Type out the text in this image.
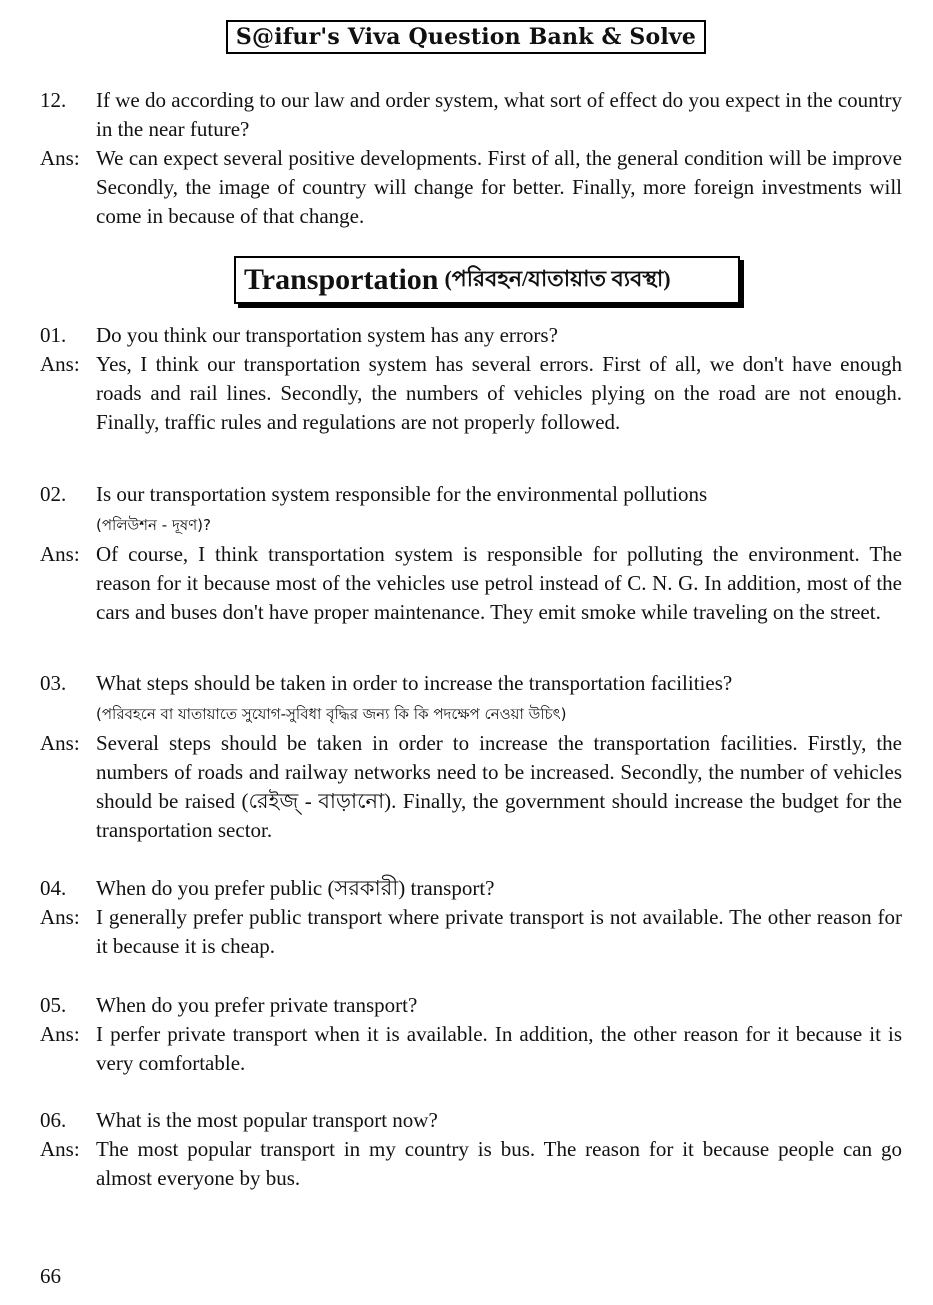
S@ifur's Viva Question Bank & Solve
12.	If we do according to our law and order system, what sort of effect do you expect in the country in the near future?
Ans: We can expect several positive developments. First of all, the general condition will be improve Secondly, the image of country will change for better. Finally, more foreign investments will come in because of that change.
Transportation (পরিবহন/যাতায়াত ব্যবস্থা)
01.	Do you think our transportation system has any errors?
Ans: Yes, I think our transportation system has several errors. First of all, we don't have enough roads and rail lines. Secondly, the numbers of vehicles plying on the road are not enough. Finally, traffic rules and regulations are not properly followed.
02.	Is our transportation system responsible for the environmental pollutions
(পলিউশন - দূষণ)?
Ans: Of course, I think transportation system is responsible for polluting the environment. The reason for it because most of the vehicles use petrol instead of C. N. G. In addition, most of the cars and buses don't have proper maintenance. They emit smoke while traveling on the street.
03.	What steps should be taken in order to increase the transportation facilities?
(পরিবহনে বা যাতায়াতে সুযোগ-সুবিধা বৃদ্ধির জন্য কি কি পদক্ষেপ নেওয়া উচিৎ)
Ans: Several steps should be taken in order to increase the transportation facilities. Firstly, the numbers of roads and railway networks need to be increased. Secondly, the number of vehicles should be raised (রেইজ্ - বাড়ানো). Finally, the government should increase the budget for the transportation sector.
04.	When do you prefer public (সরকারী) transport?
Ans: I generally prefer public transport where private transport is not available. The other reason for it because it is cheap.
05.	When do you prefer private transport?
Ans: I perfer private transport when it is available. In addition, the other reason for it because it is very comfortable.
06.	What is the most popular transport now?
Ans: The most popular transport in my country is bus. The reason for it because people can go almost everyone by bus.
66
